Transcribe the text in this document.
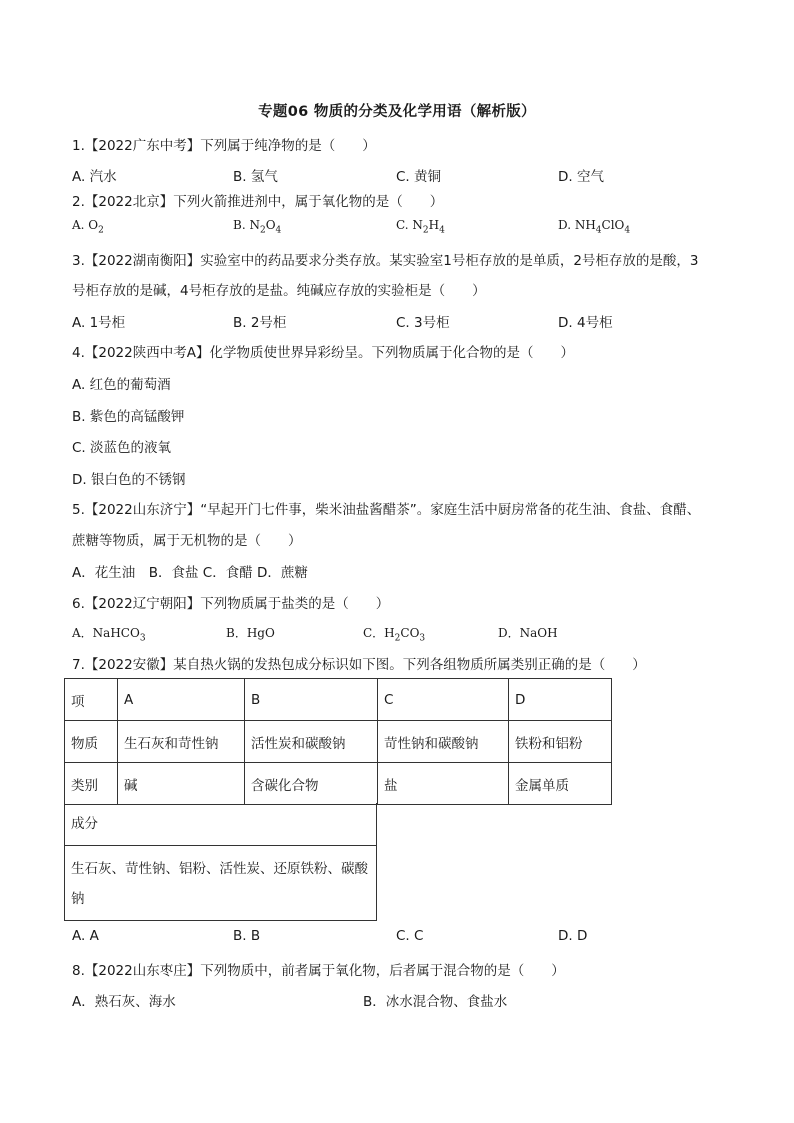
专题06 物质的分类及化学用语（解析版）
1.【2022广东中考】下列属于纯净物的是（　　）
A. 汽水	B. 氢气	C. 黄铜	D. 空气
2.【2022北京】下列火箭推进剂中，属于氧化物的是（　　）
A. $O_2$	B. $N_2O_4$	C. $N_2H_4$	D. $NH_4ClO_4$
3.【2022湖南衡阳】实验室中的药品要求分类存放。某实验室1号柜存放的是单质，2号柜存放的是酸，3
号柜存放的是碱，4号柜存放的是盐。纯碱应存放的实验柜是（　　）
A. 1号柜	B. 2号柜	C. 3号柜	D. 4号柜
4.【2022陕西中考A】化学物质使世界异彩纷呈。下列物质属于化合物的是（　　）
A. 红色的葡萄酒
B. 紫色的高锰酸钾
C. 淡蓝色的液氧
D. 银白色的不锈钢
5.【2022山东济宁】“早起开门七件事，柴米油盐酱醋茶”。家庭生活中厨房常备的花生油、食盐、食醋、
蔗糖等物质，属于无机物的是（　　）
A．花生油　B．食盐 C．食醋 D．蔗糖
6.【2022辽宁朝阳】下列物质属于盐类的是（　　）
A．NaHCO$_3$	B．HgO	C．$H_2CO_3$	D．NaOH
7.【2022安徽】某自热火锅的发热包成分标识如下图。下列各组物质所属类别正确的是（　　）
项	A	B	C	D
物质	生石灰和苛性钠	活性炭和碳酸钠	苛性钠和碳酸钠	铁粉和铝粉
类别	碱	含碳化合物	盐	金属单质
成分
生石灰、苛性钠、铝粉、活性炭、还原铁粉、碳酸钠
A. A	B. B	C. C	D. D
8.【2022山东枣庄】下列物质中，前者属于氧化物，后者属于混合物的是（　　）
A．熟石灰、海水	B．冰水混合物、食盐水
